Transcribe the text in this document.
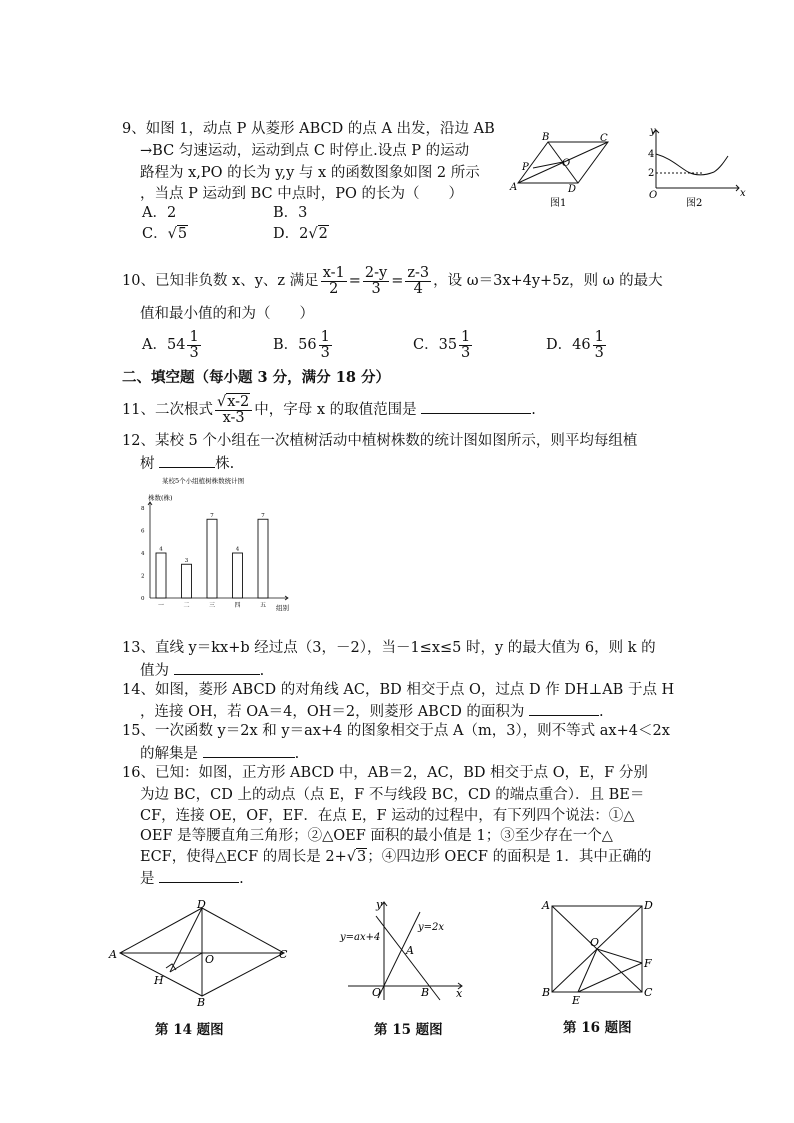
9、如图 1，动点 P 从菱形 ABCD 的点 A 出发，沿边 AB
→BC 匀速运动，运动到点 C 时停止.设点 P 的运动
路程为 x,PO 的长为 y,y 与 x 的函数图象如图 2 所示
，当点 P 运动到 BC 中点时，PO 的长为（　　）
A．2	B．3
C．√5	D．2√2
A
B	C
D
O
P
图1
y
x
O
4
2
图2
10、已知非负数 x、y、z 满足 $\frac{x-1}{2} = \frac{2-y}{3} = \frac{z-3}{4}$ ，设 ω＝3x+4y+5z，则 ω 的最大
值和最小值的和为（　　）
A．$54 \frac{1}{3}$	B．$56 \frac{1}{3}$	C．$35 \frac{1}{3}$	D．$46 \frac{1}{3}$
二、填空题（每小题 3 分，满分 18 分）
11、二次根式 $\frac{√x-2}{x-3}$ 中，字母 x 的取值范围是	.
12、某校 5 个小组在一次植树活动中植树株数的统计图如图所示，则平均每组植
树	株.
某校5个小组植树株数统计图
株数(株)
组别
0
2
4
6
8
4
一
3
二
7
三
4
四
7
五
13、直线 y＝kx+b 经过点（3，－2），当－1≤x≤5 时，y 的最大值为 6，则 k 的
值为	.
14、如图，菱形 ABCD 的对角线 AC，BD 相交于点 O，过点 D 作 DH⊥AB 于点 H
，连接 OH，若 OA＝4，OH＝2，则菱形 ABCD 的面积为	.
15、一次函数 y＝2x 和 y＝ax+4 的图象相交于点 A（m，3），则不等式 ax+4＜2x
的解集是	.
16、已知：如图，正方形 ABCD 中，AB＝2，AC，BD 相交于点 O，E，F 分别
为边 BC，CD 上的动点（点 E，F 不与线段 BC，CD 的端点重合）．且 BE＝
CF，连接 OE，OF，EF．在点 E，F 运动的过程中，有下列四个说法：①△
OEF 是等腰直角三角形；②△OEF 面积的最小值是 1；③至少存在一个△
ECF，使得△ECF 的周长是 2+√3；④四边形 OECF 的面积是 1．其中正确的
是	.
A
D
C
B
H
O
第 14 题图
y
x
O
A
B
y=ax+4
y=2x
第 15 题图
A	D
B	C
E
F
O
第 16 题图
